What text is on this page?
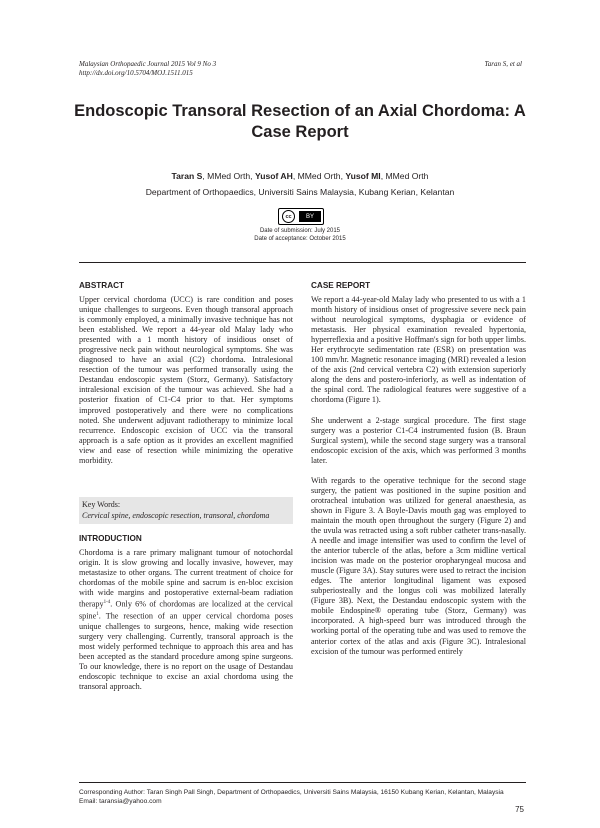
Malaysian Orthopaedic Journal 2015 Vol 9 No 3
http://dx.doi.org/10.5704/MOJ.1511.015
Taran S, et al
Endoscopic Transoral Resection of an Axial Chordoma: A Case Report
Taran S, MMed Orth, Yusof AH, MMed Orth, Yusof MI, MMed Orth
Department of Orthopaedics, Universiti Sains Malaysia, Kubang Kerian, Kelantan
cc	BY
Date of submission: July 2015
Date of acceptance: October 2015
ABSTRACT

Upper cervical chordoma (UCC) is rare condition and poses unique challenges to surgeons. Even though transoral approach is commonly employed, a minimally invasive technique has not been established. We report a 44-year old Malay lady who presented with a 1 month history of insidious onset of progressive neck pain without neurological symptoms. She was diagnosed to have an axial (C2) chordoma. Intralesional resection of the tumour was performed transorally using the Destandau endoscopic system (Storz, Germany). Satisfactory intralesional excision of the tumour was achieved. She had a posterior fixation of C1-C4 prior to that. Her symptoms improved postoperatively and there were no complications noted. She underwent adjuvant radiotherapy to minimize local recurrence. Endoscopic excision of UCC via the transoral approach is a safe option as it provides an excellent magnified view and ease of resection while minimizing the operative morbidity.

Key Words:
Cervical spine, endoscopic resection, transoral, chordoma
INTRODUCTION

Chordoma is a rare primary malignant tumour of notochordal origin. It is slow growing and locally invasive, however, may metastasize to other organs. The current treatment of choice for chordomas of the mobile spine and sacrum is en-bloc excision with wide margins and postoperative external-beam radiation therapy$^{1-4}$. Only 6% of chordomas are localized at the cervical spine$^1$. The resection of an upper cervical chordoma poses unique challenges to surgeons, hence, making wide resection surgery very challenging. Currently, transoral approach is the most widely performed technique to approach this area and has been accepted as the standard procedure among spine surgeons. To our knowledge, there is no report on the usage of Destandau endoscopic technique to excise an axial chordoma using the transoral approach.

CASE REPORT

We report a 44-year-old Malay lady who presented to us with a 1 month history of insidious onset of progressive severe neck pain without neurological symptoms, dysphagia or evidence of metastasis. Her physical examination revealed hypertonia, hyperreflexia and a positive Hoffman's sign for both upper limbs. Her erythrocyte sedimentation rate (ESR) on presentation was 100 mm/hr. Magnetic resonance imaging (MRI) revealed a lesion of the axis (2nd cervical vertebra C2) with extension superiorly along the dens and postero-inferiorly, as well as indentation of the spinal cord. The radiological features were suggestive of a chordoma (Figure 1).

She underwent a 2-stage surgical procedure. The first stage surgery was a posterior C1-C4 instrumented fusion (B. Braun Surgical system), while the second stage surgery was a transoral endoscopic excision of the axis, which was performed 3 months later.

With regards to the operative technique for the second stage surgery, the patient was positioned in the supine position and orotracheal intubation was utilized for general anaesthesia, as shown in Figure 3. A Boyle-Davis mouth gag was employed to maintain the mouth open throughout the surgery (Figure 2) and the uvula was retracted using a soft rubber catheter trans-nasally. A needle and image intensifier was used to confirm the level of the anterior tubercle of the atlas, before a 3cm midline vertical incision was made on the posterior oropharyngeal mucosa and muscle (Figure 3A). Stay sutures were used to retract the incision edges. The anterior longitudinal ligament was exposed subperiosteally and the longus coli was mobilized laterally (Figure 3B). Next, the Destandau endoscopic system with the mobile Endospine® operating tube (Storz, Germany) was incorporated. A high-speed burr was introduced through the working portal of the operating tube and was used to remove the anterior cortex of the atlas and axis (Figure 3C). Intralesional excision of the tumour was performed entirely

Corresponding Author: Taran Singh Pall Singh, Department of Orthopaedics, Universiti Sains Malaysia, 16150 Kubang Kerian, Kelantan, Malaysia
Email: taransia@yahoo.com
75
